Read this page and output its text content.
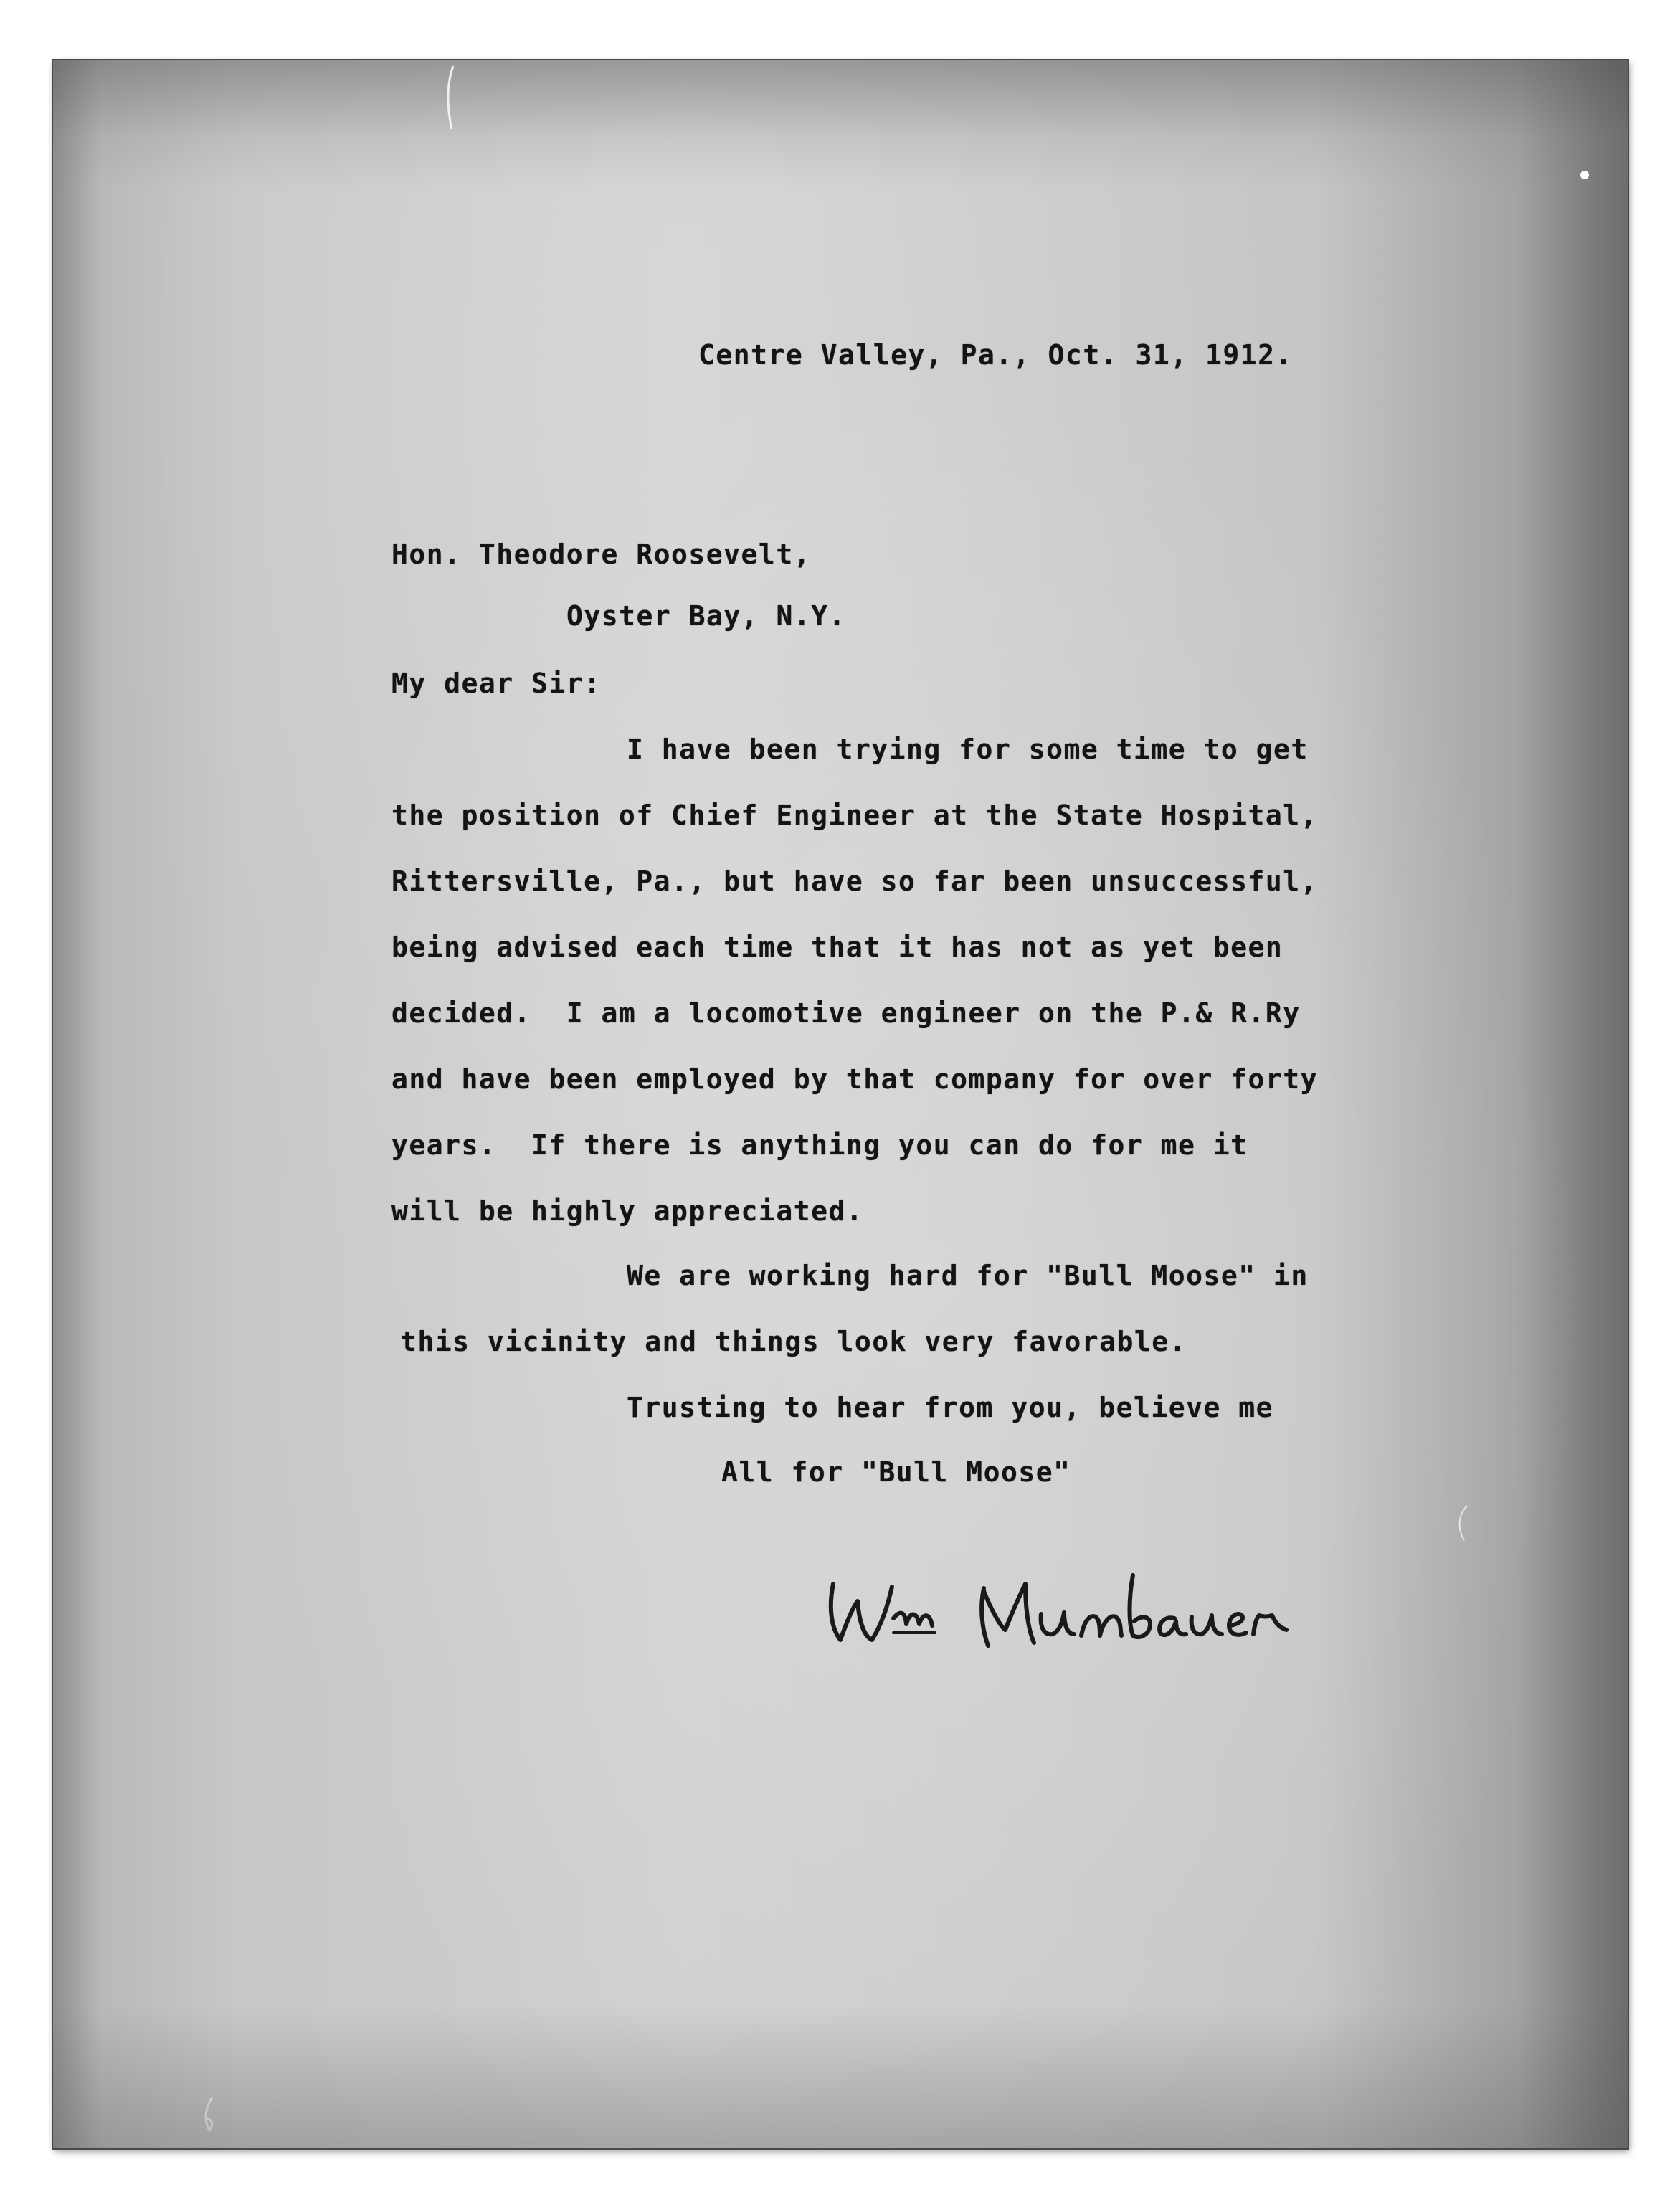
Centre Valley, Pa., Oct. 31, 1912.
Hon. Theodore Roosevelt,
Oyster Bay, N.Y.
My dear Sir:
I have been trying for some time to get
the position of Chief Engineer at the State Hospital,
Rittersville, Pa., but have so far been unsuccessful,
being advised each time that it has not as yet been
decided.  I am a locomotive engineer on the P.& R.Ry
and have been employed by that company for over forty
years.  If there is anything you can do for me it
will be highly appreciated.
We are working hard for "Bull Moose" in
this vicinity and things look very favorable.
Trusting to hear from you, believe me
All for "Bull Moose"
